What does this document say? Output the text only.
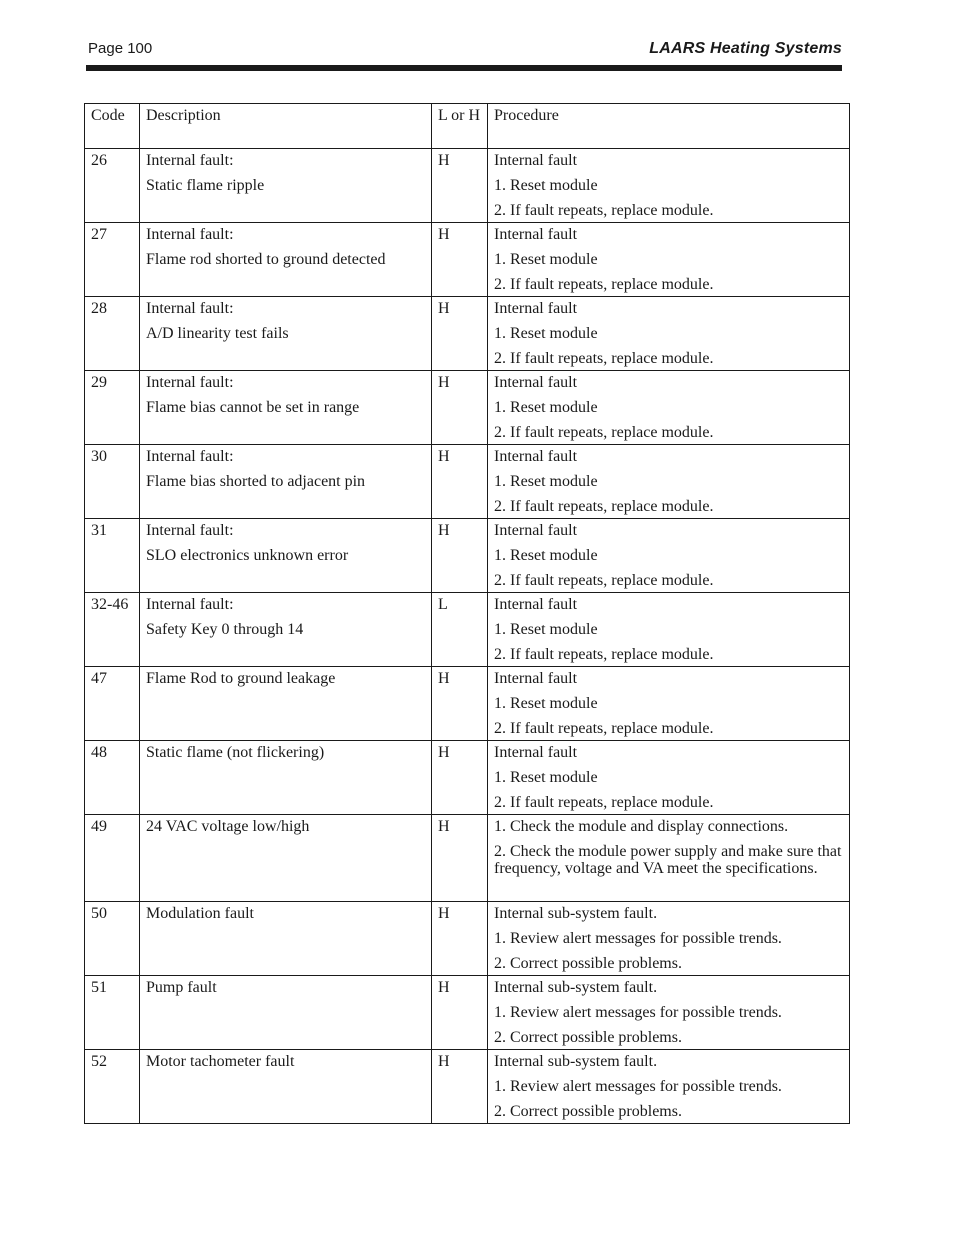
Page 100	LAARS Heating Systems
Code	Description	L or H	Procedure
26	Internal fault:
Static flame ripple	H	Internal fault
1. Reset module
2. If fault repeats, replace module.

27	Internal fault:
Flame rod shorted to ground detected	H	Internal fault
1. Reset module
2. If fault repeats, replace module.

28	Internal fault:
A/D linearity test fails	H	Internal fault
1. Reset module
2. If fault repeats, replace module.

29	Internal fault:
Flame bias cannot be set in range	H	Internal fault
1. Reset module
2. If fault repeats, replace module.

30	Internal fault:
Flame bias shorted to adjacent pin	H	Internal fault
1. Reset module
2. If fault repeats, replace module.

31	Internal fault:
SLO electronics unknown error	H	Internal fault
1. Reset module
2. If fault repeats, replace module.

32-46	Internal fault:
Safety Key 0 through 14	L	Internal fault
1. Reset module
2. If fault repeats, replace module.

47	Flame Rod to ground leakage	H	Internal fault
1. Reset module
2. If fault repeats, replace module.

48	Static flame (not flickering)	H	Internal fault
1. Reset module
2. If fault repeats, replace module.

49	24 VAC voltage low/high	H	1. Check the module and display connections.
2. Check the module power supply and make sure that frequency, voltage and VA meet the specifications.

50	Modulation fault	H	Internal sub-system fault.
1. Review alert messages for possible trends.
2. Correct possible problems.

51	Pump fault	H	Internal sub-system fault.
1. Review alert messages for possible trends.
2. Correct possible problems.

52	Motor tachometer fault	H	Internal sub-system fault.
1. Review alert messages for possible trends.
2. Correct possible problems.
